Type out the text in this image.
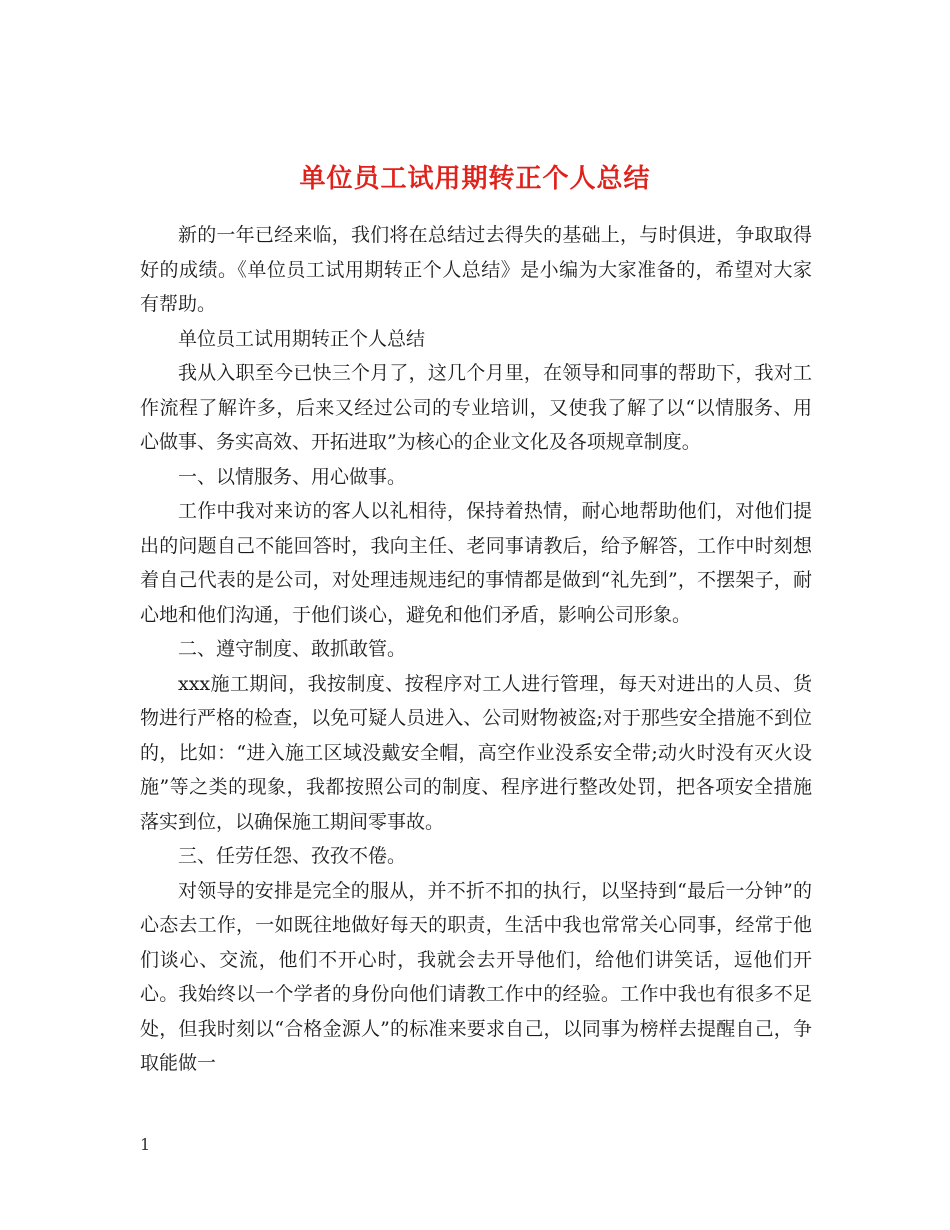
单位员工试用期转正个人总结

新的一年已经来临，我们将在总结过去得失的基础上，与时俱进，争取取得好的成绩。《单位员工试用期转正个人总结》是小编为大家准备的，希望对大家有帮助。

单位员工试用期转正个人总结

我从入职至今已快三个月了，这几个月里，在领导和同事的帮助下，我对工作流程了解许多，后来又经过公司的专业培训，又使我了解了以“以情服务、用心做事、务实高效、开拓进取”为核心的企业文化及各项规章制度。

一、以情服务、用心做事。

工作中我对来访的客人以礼相待，保持着热情，耐心地帮助他们，对他们提出的问题自己不能回答时，我向主任、老同事请教后，给予解答，工作中时刻想着自己代表的是公司，对处理违规违纪的事情都是做到“礼先到”，不摆架子，耐心地和他们沟通，于他们谈心，避免和他们矛盾，影响公司形象。

二、遵守制度、敢抓敢管。

xxx施工期间，我按制度、按程序对工人进行管理，每天对进出的人员、货物进行严格的检查，以免可疑人员进入、公司财物被盗;对于那些安全措施不到位的，比如：“进入施工区域没戴安全帽，高空作业没系安全带;动火时没有灭火设施”等之类的现象，我都按照公司的制度、程序进行整改处罚，把各项安全措施落实到位，以确保施工期间零事故。

三、任劳任怨、孜孜不倦。

对领导的安排是完全的服从，并不折不扣的执行，以坚持到“最后一分钟”的心态去工作，一如既往地做好每天的职责，生活中我也常常关心同事，经常于他们谈心、交流，他们不开心时，我就会去开导他们，给他们讲笑话，逗他们开心。我始终以一个学者的身份向他们请教工作中的经验。工作中我也有很多不足处，但我时刻以“合格金源人”的标准来要求自己，以同事为榜样去提醒自己，争取能做一

1
